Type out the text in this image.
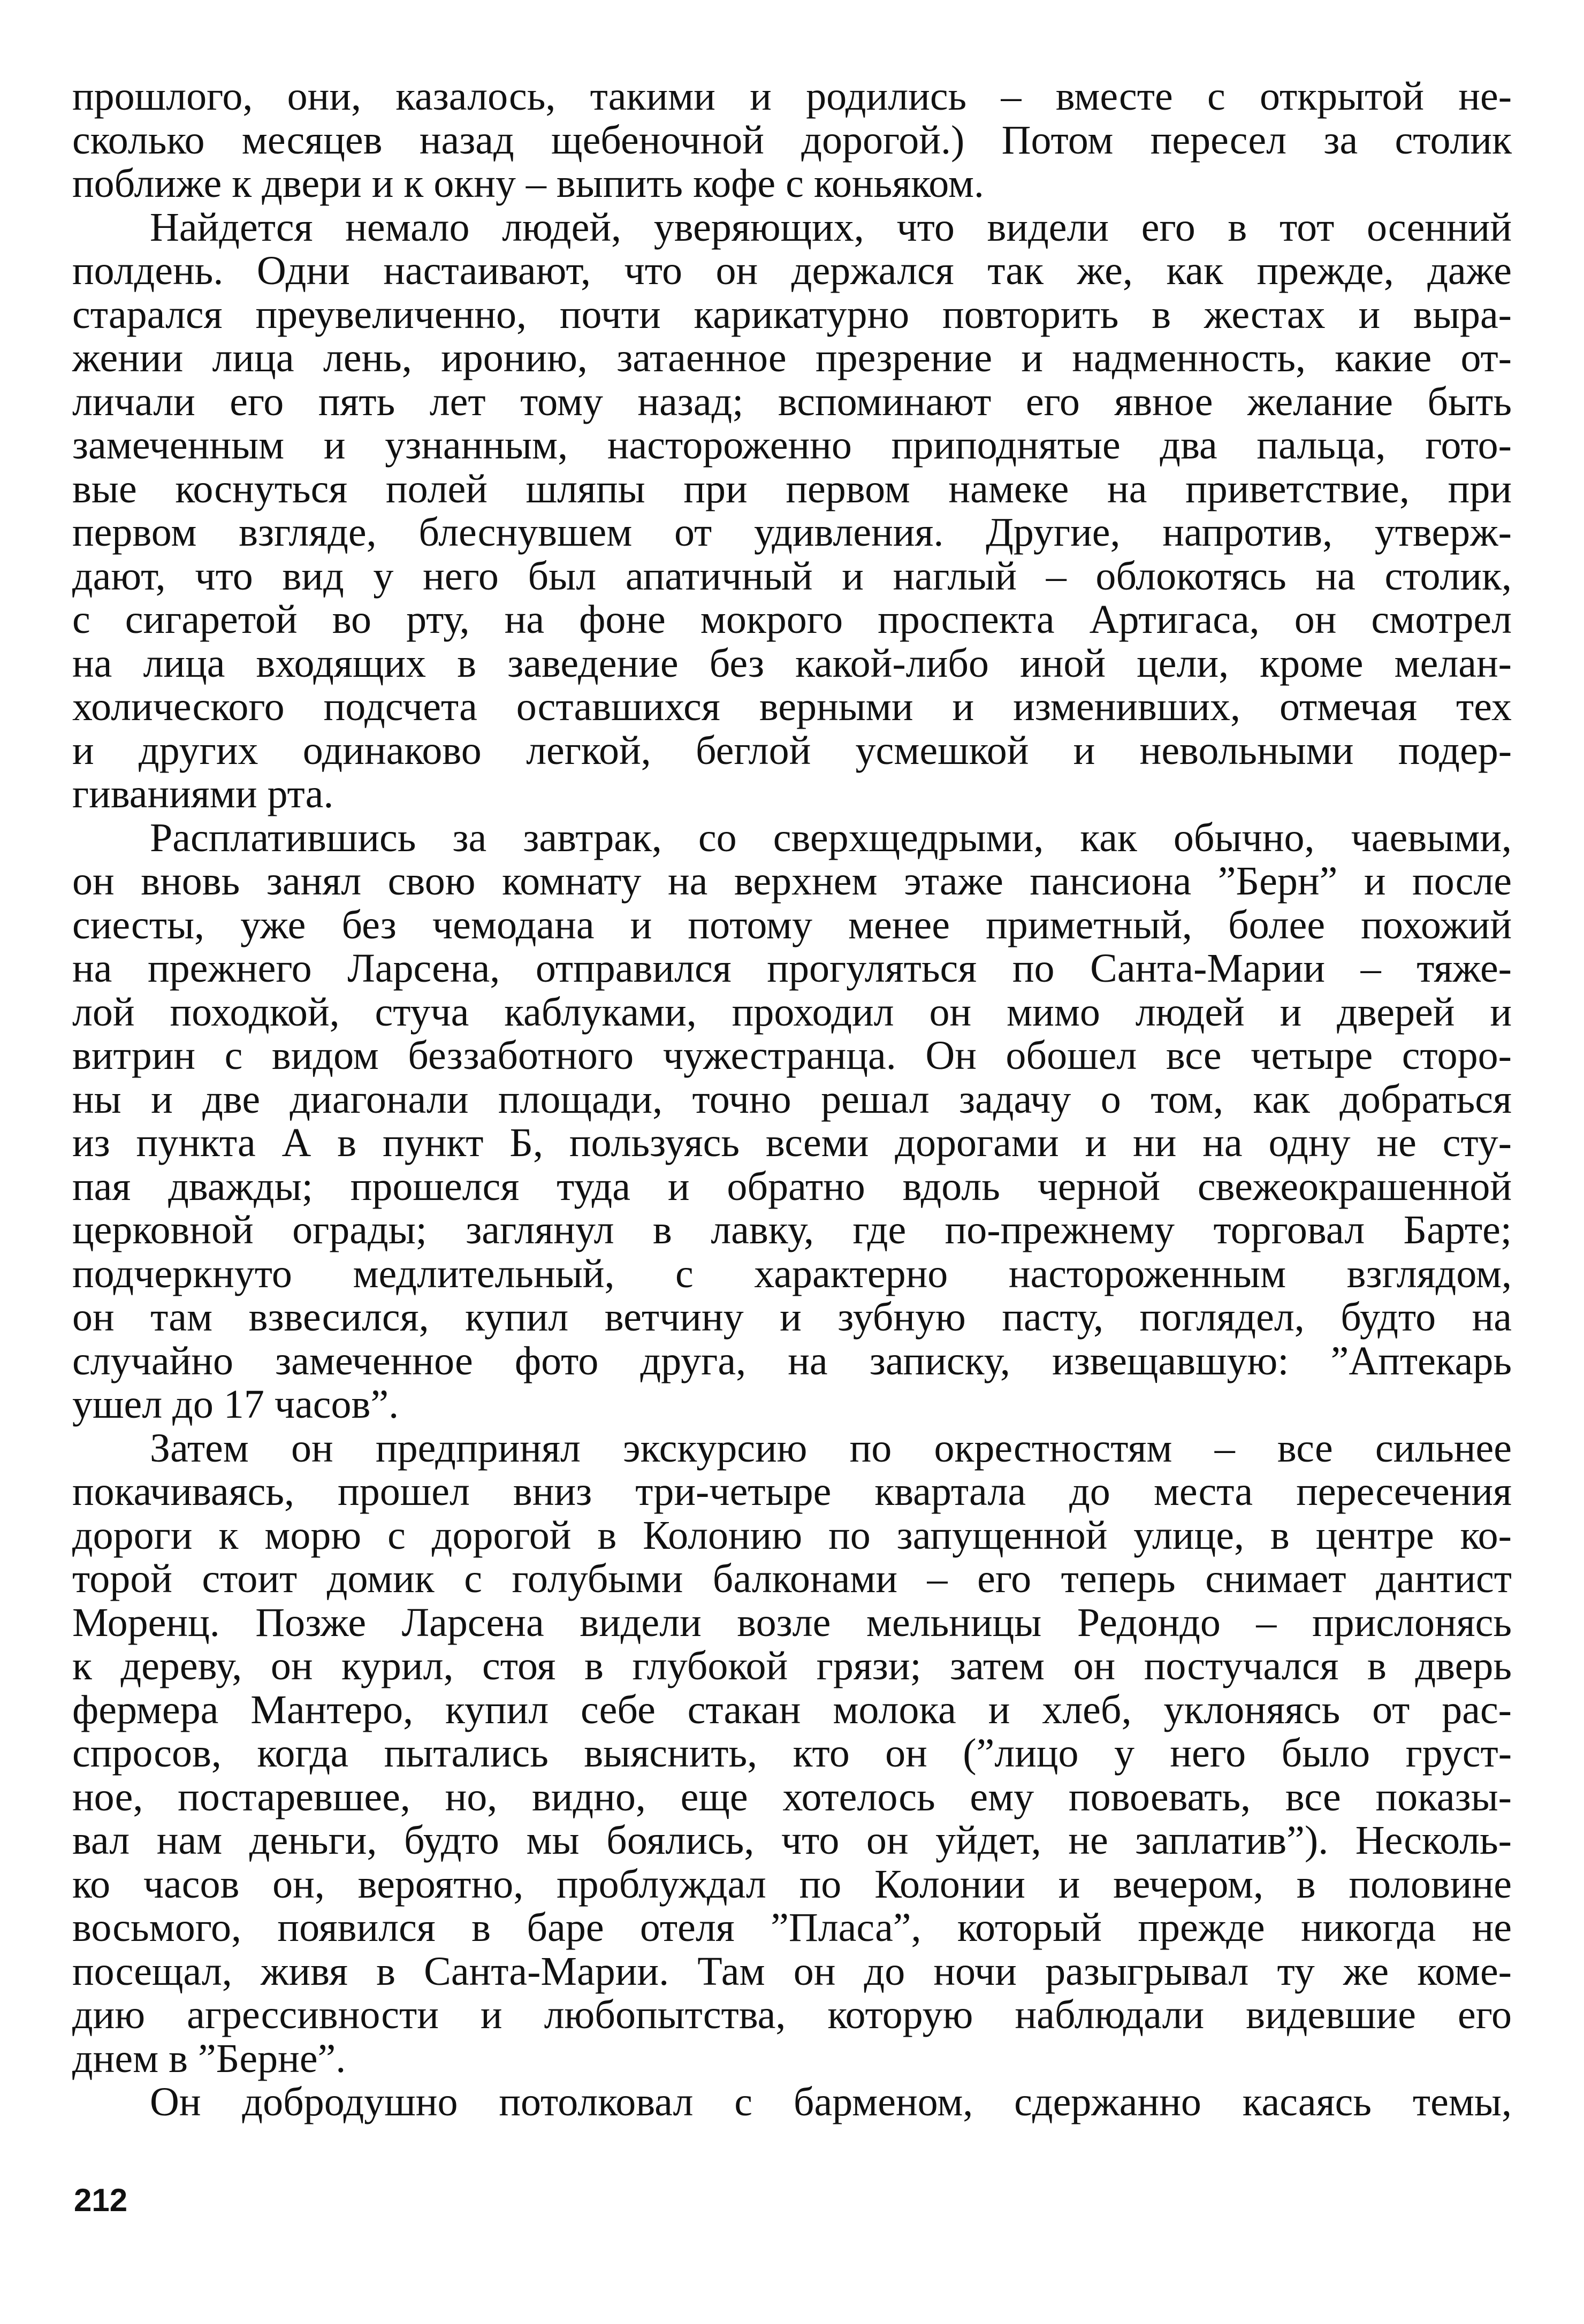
прошлого, они, казалось, такими и родились – вместе с открытой не-
сколько месяцев назад щебеночной дорогой.) Потом пересел за столик
поближе к двери и к окну – выпить кофе с коньяком.
Найдется немало людей, уверяющих, что видели его в тот осенний
полдень. Одни настаивают, что он держался так же, как прежде, даже
старался преувеличенно, почти карикатурно повторить в жестах и выра-
жении лица лень, иронию, затаенное презрение и надменность, какие от-
личали его пять лет тому назад; вспоминают его явное желание быть
замеченным и узнанным, настороженно приподнятые два пальца, гото-
вые коснуться полей шляпы при первом намеке на приветствие, при
первом взгляде, блеснувшем от удивления. Другие, напротив, утверж-
дают, что вид у него был апатичный и наглый – облокотясь на столик,
с сигаретой во рту, на фоне мокрого проспекта Артигаса, он смотрел
на лица входящих в заведение без какой-либо иной цели, кроме мелан-
холического подсчета оставшихся верными и изменивших, отмечая тех
и других одинаково легкой, беглой усмешкой и невольными подер-
гиваниями рта.
Расплатившись за завтрак, со сверхщедрыми, как обычно, чаевыми,
он вновь занял свою комнату на верхнем этаже пансиона ”Берн” и после
сиесты, уже без чемодана и потому менее приметный, более похожий
на прежнего Ларсена, отправился прогуляться по Санта-Марии – тяже-
лой походкой, стуча каблуками, проходил он мимо людей и дверей и
витрин с видом беззаботного чужестранца. Он обошел все четыре сторо-
ны и две диагонали площади, точно решал задачу о том, как добраться
из пункта А в пункт Б, пользуясь всеми дорогами и ни на одну не сту-
пая дважды; прошелся туда и обратно вдоль черной свежеокрашенной
церковной ограды; заглянул в лавку, где по-прежнему торговал Барте;
подчеркнуто медлительный, с характерно настороженным взглядом,
он там взвесился, купил ветчину и зубную пасту, поглядел, будто на
случайно замеченное фото друга, на записку, извещавшую: ”Аптекарь
ушел до 17 часов”.
Затем он предпринял экскурсию по окрестностям – все сильнее
покачиваясь, прошел вниз три-четыре квартала до места пересечения
дороги к морю с дорогой в Колонию по запущенной улице, в центре ко-
торой стоит домик с голубыми балконами – его теперь снимает дантист
Моренц. Позже Ларсена видели возле мельницы Редондо – прислонясь
к дереву, он курил, стоя в глубокой грязи; затем он постучался в дверь
фермера Мантеро, купил себе стакан молока и хлеб, уклоняясь от рас-
спросов, когда пытались выяснить, кто он (”лицо у него было груст-
ное, постаревшее, но, видно, еще хотелось ему повоевать, все показы-
вал нам деньги, будто мы боялись, что он уйдет, не заплатив”). Несколь-
ко часов он, вероятно, проблуждал по Колонии и вечером, в половине
восьмого, появился в баре отеля ”Пласа”, который прежде никогда не
посещал, живя в Санта-Марии. Там он до ночи разыгрывал ту же коме-
дию агрессивности и любопытства, которую наблюдали видевшие его
днем в ”Берне”.
Он добродушно потолковал с барменом, сдержанно касаясь темы,
212
